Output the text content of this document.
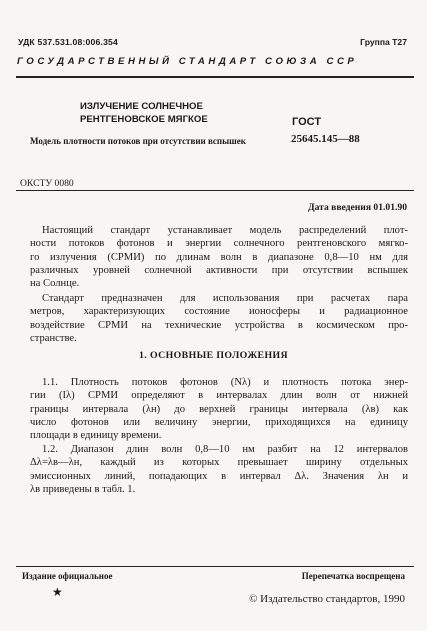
УДК 537.531.08:006.354	Группа Т27
ГОСУДАРСТВЕННЫЙ СТАНДАРТ СОЮЗА ССР
ИЗЛУЧЕНИЕ СОЛНЕЧНОЕ
РЕНТГЕНОВСКОЕ МЯГКОЕ
Модель плотности потоков при отсутствии вспышек
ГОСТ
25645.145—88
ОКСТУ 0080
Дата введения 01.01.90
Настоящий стандарт устанавливает модель распределений плот-
ности потоков фотонов и энергии солнечного рентгеновского мягко-
го излучения (СРМИ) по длинам волн в диапазоне 0,8—10 нм для
различных уровней солнечной активности при отсутствии вспышек
на Солнце.
Стандарт предназначен для использования при расчетах пара
метров, характеризующих состояние ионосферы и радиационное
воздействие СРМИ на технические устройства в космическом про-
странстве.
1. ОСНОВНЫЕ ПОЛОЖЕНИЯ
1.1. Плотность потоков фотонов (Nλ) и плотность потока энер-
гии (Iλ) СРМИ определяют в интервалах длин волн от нижней
границы интервала (λн) до верхней границы интервала (λв) как
число фотонов или величину энергии, приходящихся на единицу
площади в единицу времени.
1.2. Диапазон длин волн 0,8—10 нм разбит на 12 интервалов
Δλ=λв—λн, каждый из которых превышает ширину отдельных
эмиссионных линий, попадающих в интервал Δλ. Значения λн и
λв приведены в табл. 1.
Издание официальное
★
Перепечатка воспрещена
© Издательство стандартов, 1990
